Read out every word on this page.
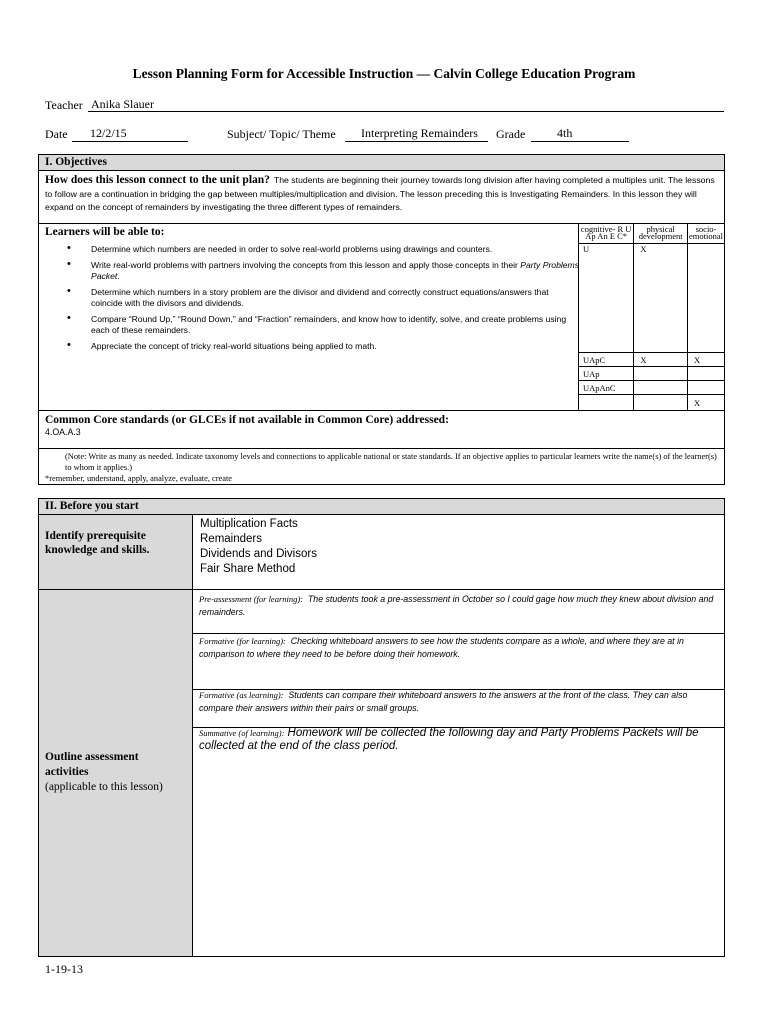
Lesson Planning Form for Accessible Instruction — Calvin College Education Program
Teacher Anika Slauer
Date 12/2/15	Subject/ Topic/ Theme Interpreting Remainders Grade	4th
I. Objectives
How does this lesson connect to the unit plan? The students are beginning their journey towards long division after having completed a multiples unit. The lessons to follow are a continuation in bridging the gap between multiples/multiplication and division. The lesson preceding this is Investigating Remainders. In this lesson they will expand on the concept of remainders by investigating the three different types of remainders.
Learners will be able to:
• Determine which numbers are needed in order to solve real-world problems using drawings and counters.
• Write real-world problems with partners involving the concepts from this lesson and apply those concepts in their Party Problems Packet.
• Determine which numbers in a story problem are the divisor and dividend and correctly construct equations/answers that coincide with the divisors and dividends.
• Compare “Round Up,” “Round Down,” and “Fraction” remainders, and know how to identify, solve, and create problems using each of these remainders.
• Appreciate the concept of tricky real-world situations being applied to math.
cognitive- R U Ap An E C*	physical development	socio- emotional
U	X	
UApC	X	X
UAp		
UApAnC		
		X
Common Core standards (or GLCEs if not available in Common Core) addressed:
4.OA.A.3
(Note: Write as many as needed. Indicate taxonomy levels and connections to applicable national or state standards. If an objective applies to particular learners write the name(s) of the learner(s) to whom it applies.)
*remember, understand, apply, analyze, evaluate, create
II. Before you start
Identify prerequisite knowledge and skills.
Multiplication Facts
Remainders
Dividends and Divisors
Fair Share Method
Outline assessment activities
(applicable to this lesson)
Pre-assessment (for learning): The students took a pre-assessment in October so I could gage how much they knew about division and remainders.
Formative (for learning): Checking whiteboard answers to see how the students compare as a whole, and where they are at in comparison to where they need to be before doing their homework.
Formative (as learning): Students can compare their whiteboard answers to the answers at the front of the class. They can also compare their answers within their pairs or small groups.
Summative (of learning): Homework will be collected the following day and Party Problems Packets will be collected at the end of the class period.
1-19-13
